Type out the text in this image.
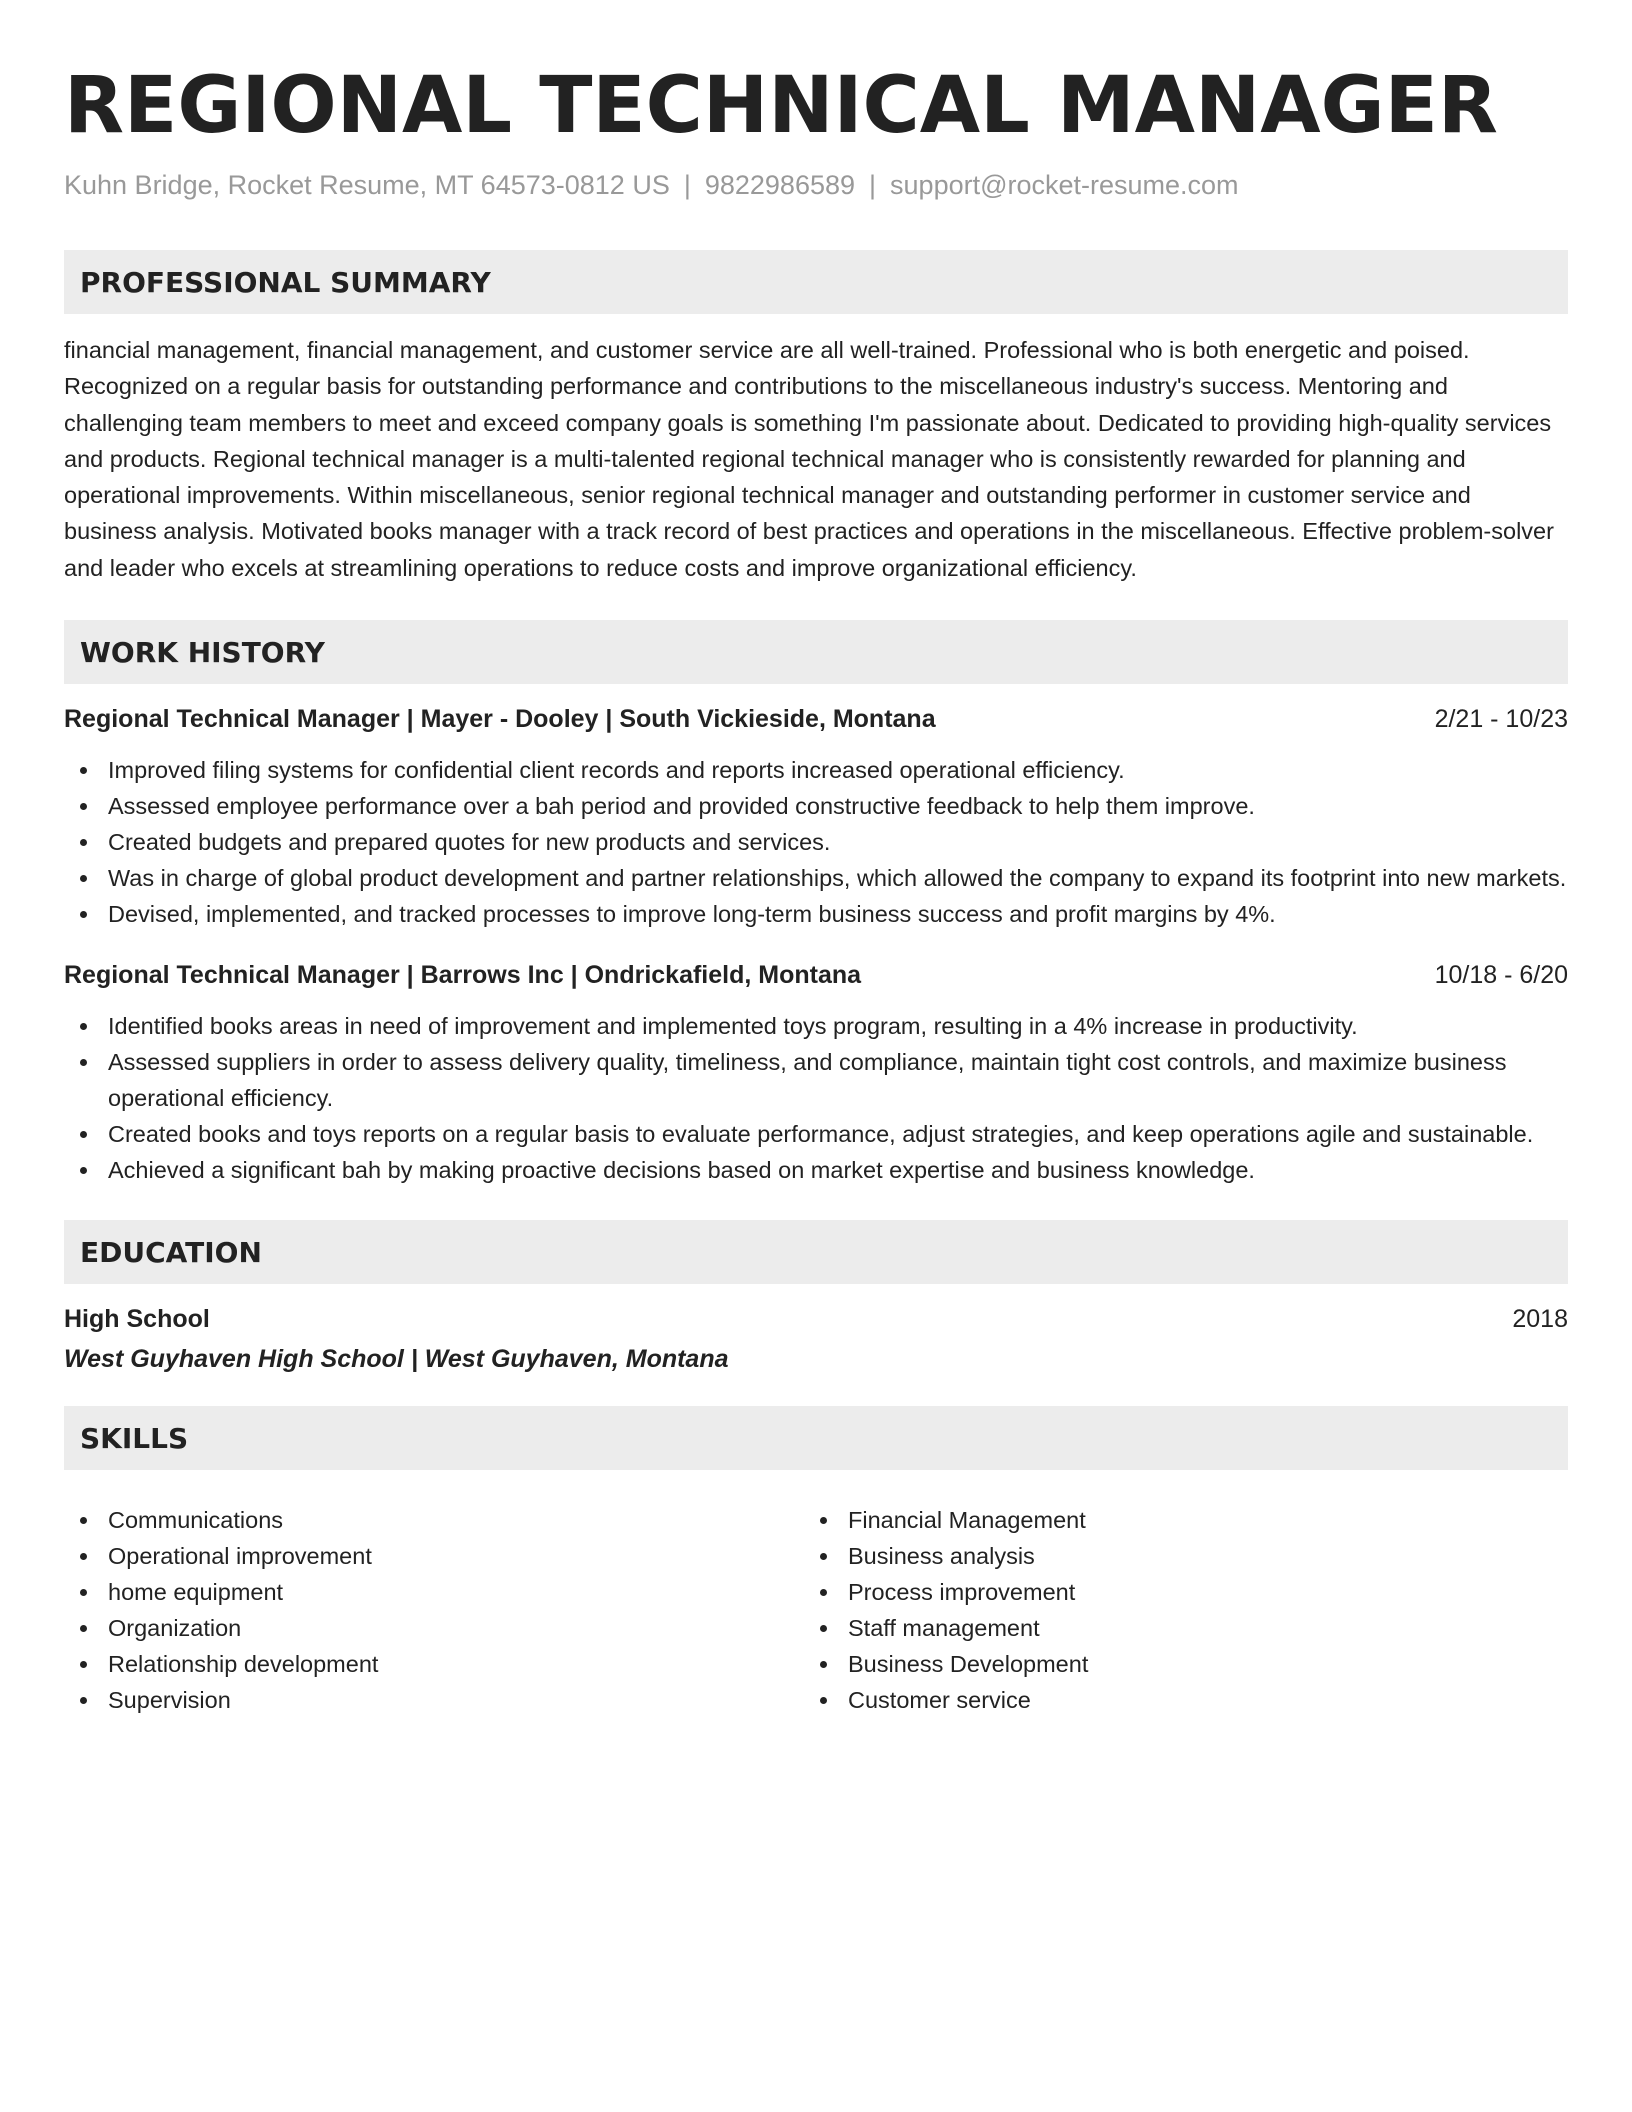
REGIONAL TECHNICAL MANAGER
Kuhn Bridge, Rocket Resume, MT 64573-0812 US | 9822986589 | support@rocket-resume.com
PROFESSIONAL SUMMARY

financial management, financial management, and customer service are all well-trained. Professional who is both energetic and poised. Recognized on a regular basis for outstanding performance and contributions to the miscellaneous industry's success. Mentoring and challenging team members to meet and exceed company goals is something I'm passionate about. Dedicated to providing high-quality services and products. Regional technical manager is a multi-talented regional technical manager who is consistently rewarded for planning and operational improvements. Within miscellaneous, senior regional technical manager and outstanding performer in customer service and business analysis. Motivated books manager with a track record of best practices and operations in the miscellaneous. Effective problem-solver and leader who excels at streamlining operations to reduce costs and improve organizational efficiency.

WORK HISTORY
Regional Technical Manager | Mayer - Dooley | South Vickieside, Montana	2/21 - 10/23
Improved filing systems for confidential client records and reports increased operational efficiency.
Assessed employee performance over a bah period and provided constructive feedback to help them improve.
Created budgets and prepared quotes for new products and services.
Was in charge of global product development and partner relationships, which allowed the company to expand its footprint into new markets.
Devised, implemented, and tracked processes to improve long-term business success and profit margins by 4%.
Regional Technical Manager | Barrows Inc | Ondrickafield, Montana	10/18 - 6/20
Identified books areas in need of improvement and implemented toys program, resulting in a 4% increase in productivity.
Assessed suppliers in order to assess delivery quality, timeliness, and compliance, maintain tight cost controls, and maximize business operational efficiency.
Created books and toys reports on a regular basis to evaluate performance, adjust strategies, and keep operations agile and sustainable.
Achieved a significant bah by making proactive decisions based on market expertise and business knowledge.
EDUCATION
High School	2018
West Guyhaven High School | West Guyhaven, Montana
SKILLS
Communications
Operational improvement
home equipment
Organization
Relationship development
Supervision
Financial Management
Business analysis
Process improvement
Staff management
Business Development
Customer service
